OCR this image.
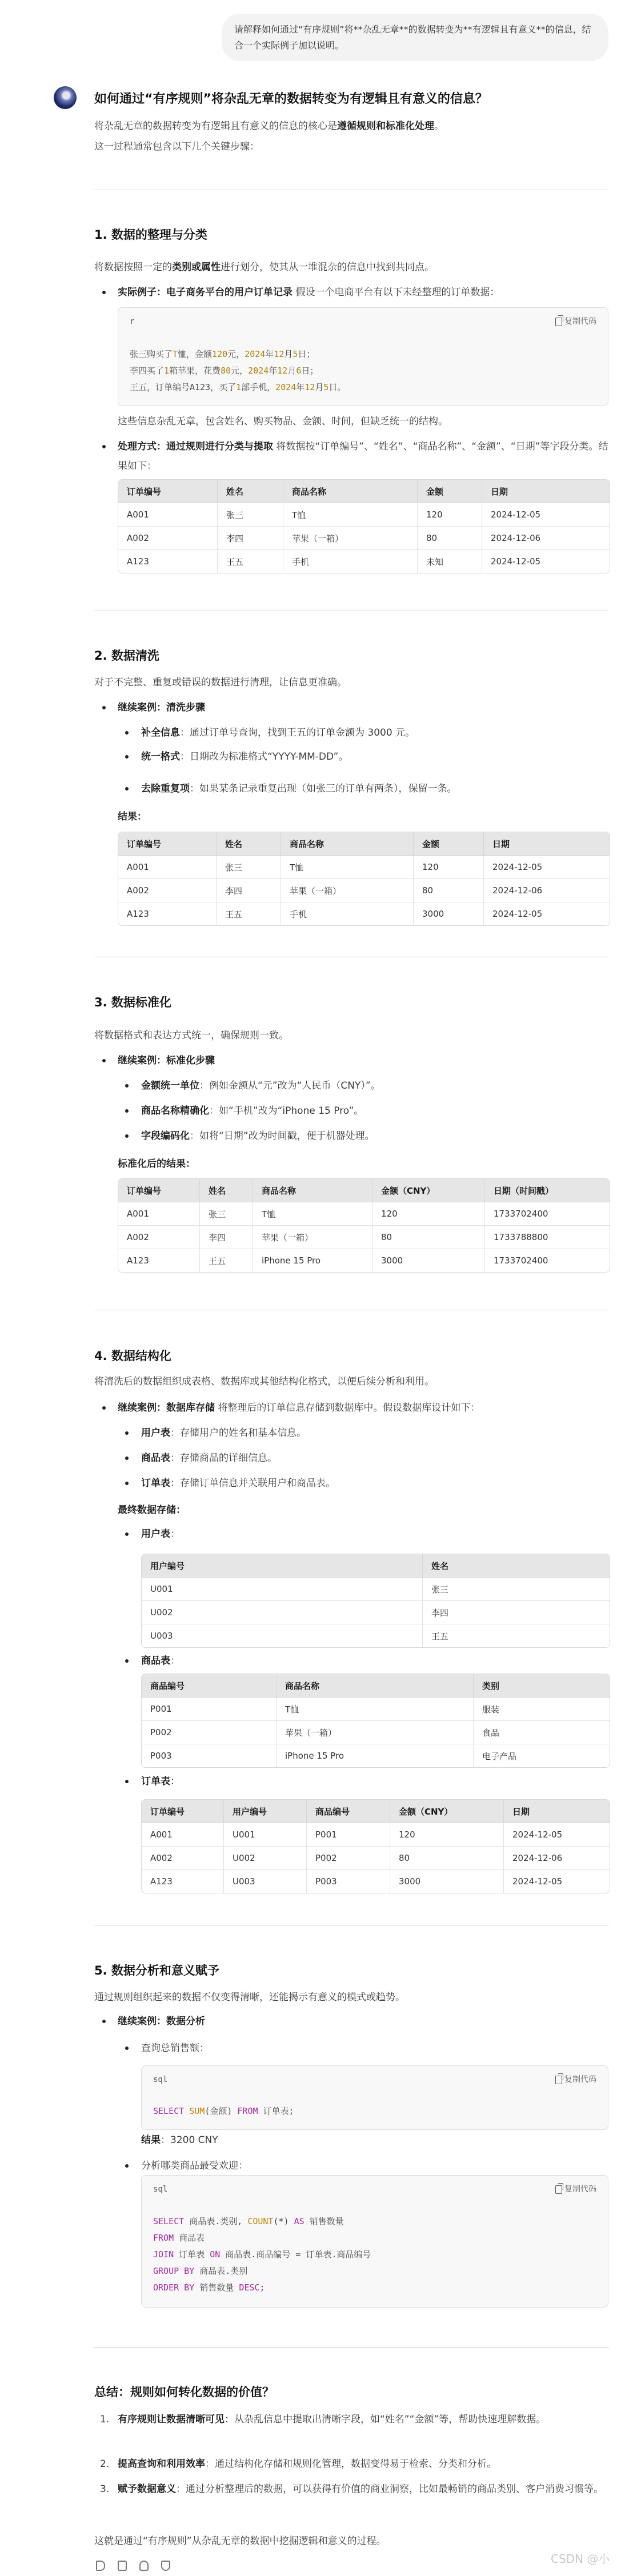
请解释如何通过“有序规则”将**杂乱无章**的数据转变为**有逻辑且有意义**的信息，结合一个实际例子加以说明。
如何通过“有序规则”将杂乱无章的数据转变为有逻辑且有意义的信息？
将杂乱无章的数据转变为有逻辑且有意义的信息的核心是遵循规则和标准化处理。
这一过程通常包含以下几个关键步骤：
1. 数据的整理与分类
将数据按照一定的类别或属性进行划分，使其从一堆混杂的信息中找到共同点。
实际例子：电子商务平台的用户订单记录 假设一个电商平台有以下未经整理的订单数据：
r	复制代码
张三购买了T恤，金额120元，2024年12月5日；
李四买了1箱苹果，花费80元，2024年12月6日；
王五，订单编号A123，买了1部手机，2024年12月5日。
这些信息杂乱无章，包含姓名、购买物品、金额、时间，但缺乏统一的结构。
处理方式：通过规则进行分类与提取 将数据按“订单编号”、“姓名”、“商品名称”、“金额”、“日期”等字段分类。结果如下：
订单编号	姓名	商品名称	金额	日期
A001	张三	T恤	120	2024-12-05
A002	李四	苹果（一箱）	80	2024-12-06
A123	王五	手机	未知	2024-12-05
2. 数据清洗
对于不完整、重复或错误的数据进行清理，让信息更准确。
继续案例：清洗步骤
补全信息：通过订单号查询，找到王五的订单金额为 3000 元。
统一格式：日期改为标准格式“YYYY-MM-DD”。
去除重复项：如果某条记录重复出现（如张三的订单有两条），保留一条。
结果：
订单编号	姓名	商品名称	金额	日期
A001	张三	T恤	120	2024-12-05
A002	李四	苹果（一箱）	80	2024-12-06
A123	王五	手机	3000	2024-12-05
3. 数据标准化
将数据格式和表达方式统一，确保规则一致。
继续案例：标准化步骤
金额统一单位：例如金额从“元”改为“人民币（CNY）”。
商品名称精确化：如“手机”改为“iPhone 15 Pro”。
字段编码化：如将“日期”改为时间戳，便于机器处理。
标准化后的结果：
订单编号	姓名	商品名称	金额（CNY）	日期（时间戳）
A001	张三	T恤	120	1733702400
A002	李四	苹果（一箱）	80	1733788800
A123	王五	iPhone 15 Pro	3000	1733702400
4. 数据结构化
将清洗后的数据组织成表格、数据库或其他结构化格式，以便后续分析和利用。
继续案例：数据库存储 将整理后的订单信息存储到数据库中。假设数据库设计如下：
用户表：存储用户的姓名和基本信息。
商品表：存储商品的详细信息。
订单表：存储订单信息并关联用户和商品表。
最终数据存储：
用户表：
用户编号	姓名
U001	张三
U002	李四
U003	王五
商品表：
商品编号	商品名称	类别
P001	T恤	服装
P002	苹果（一箱）	食品
P003	iPhone 15 Pro	电子产品
订单表：
订单编号	用户编号	商品编号	金额（CNY）	日期
A001	U001	P001	120	2024-12-05
A002	U002	P002	80	2024-12-06
A123	U003	P003	3000	2024-12-05
5. 数据分析和意义赋予
通过规则组织起来的数据不仅变得清晰，还能揭示有意义的模式或趋势。
继续案例：数据分析
查询总销售额：
sql	复制代码
SELECT SUM(金额) FROM 订单表;
结果：3200 CNY
分析哪类商品最受欢迎：
sql	复制代码
SELECT 商品表.类别, COUNT(*) AS 销售数量
FROM 商品表
JOIN 订单表 ON 商品表.商品编号 = 订单表.商品编号
GROUP BY 商品表.类别
ORDER BY 销售数量 DESC;
总结：规则如何转化数据的价值？
1. 有序规则让数据清晰可见：从杂乱信息中提取出清晰字段，如“姓名”“金额”等，帮助快速理解数据。
2. 提高查询和利用效率：通过结构化存储和规则化管理，数据变得易于检索、分类和分析。
3. 赋予数据意义：通过分析整理后的数据，可以获得有价值的商业洞察，比如最畅销的商品类别、客户消费习惯等。
这就是通过“有序规则”从杂乱无章的数据中挖掘逻辑和意义的过程。
CSDN @小
